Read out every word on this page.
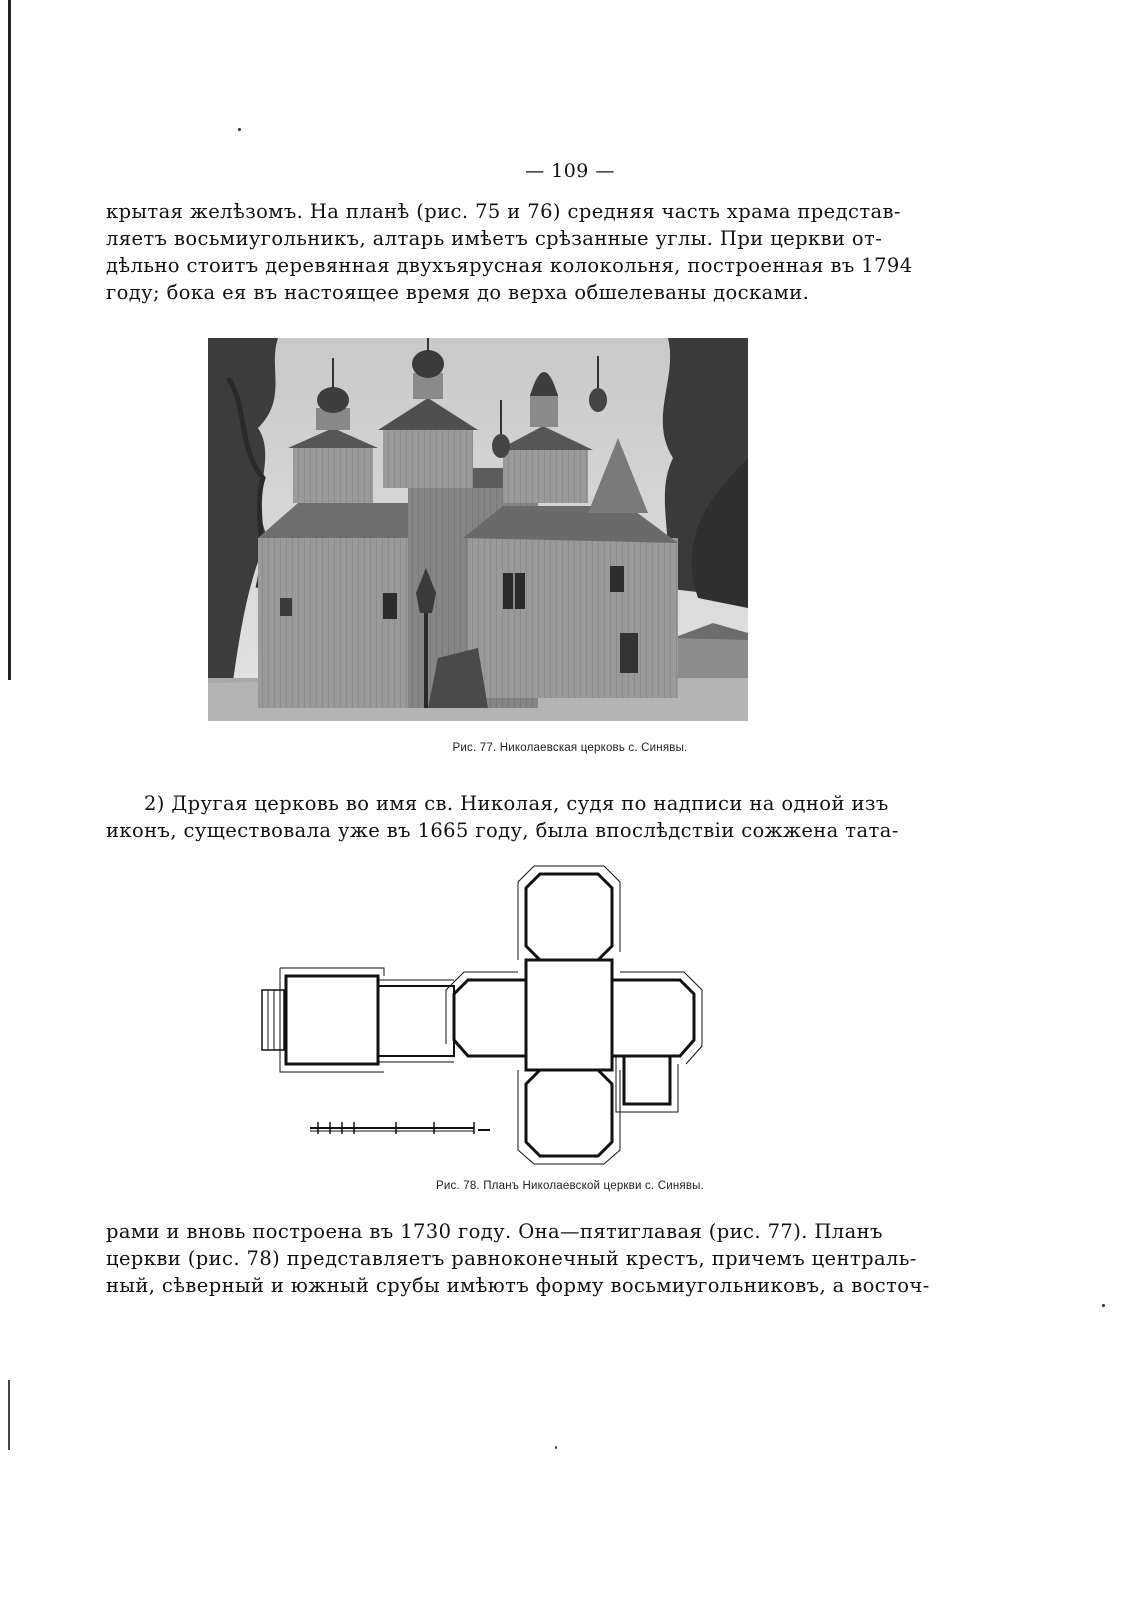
— 109 —
крытая желѣзомъ. На планѣ (рис. 75 и 76) средняя часть храма представ-
ляетъ восьмиугольникъ, алтарь имѣетъ срѣзанные углы. При церкви от-
дѣльно стоитъ деревянная двухъярусная колокольня, построенная въ 1794
году; бока ея въ настоящее время до верха обшелеваны досками.
Рис. 77. Николаевская церковь с. Синявы.
2) Другая церковь во имя св. Николая, судя по надписи на одной изъ
иконъ, существовала уже въ 1665 году, была впослѣдствіи сожжена тата-
Рис. 78. Планъ Николаевской церкви с. Синявы.
рами и вновь построена въ 1730 году. Она—пятиглавая (рис. 77). Планъ
церкви (рис. 78) представляетъ равноконечный крестъ, причемъ централь-
ный, сѣверный и южный срубы имѣютъ форму восьмиугольниковъ, а восточ-
